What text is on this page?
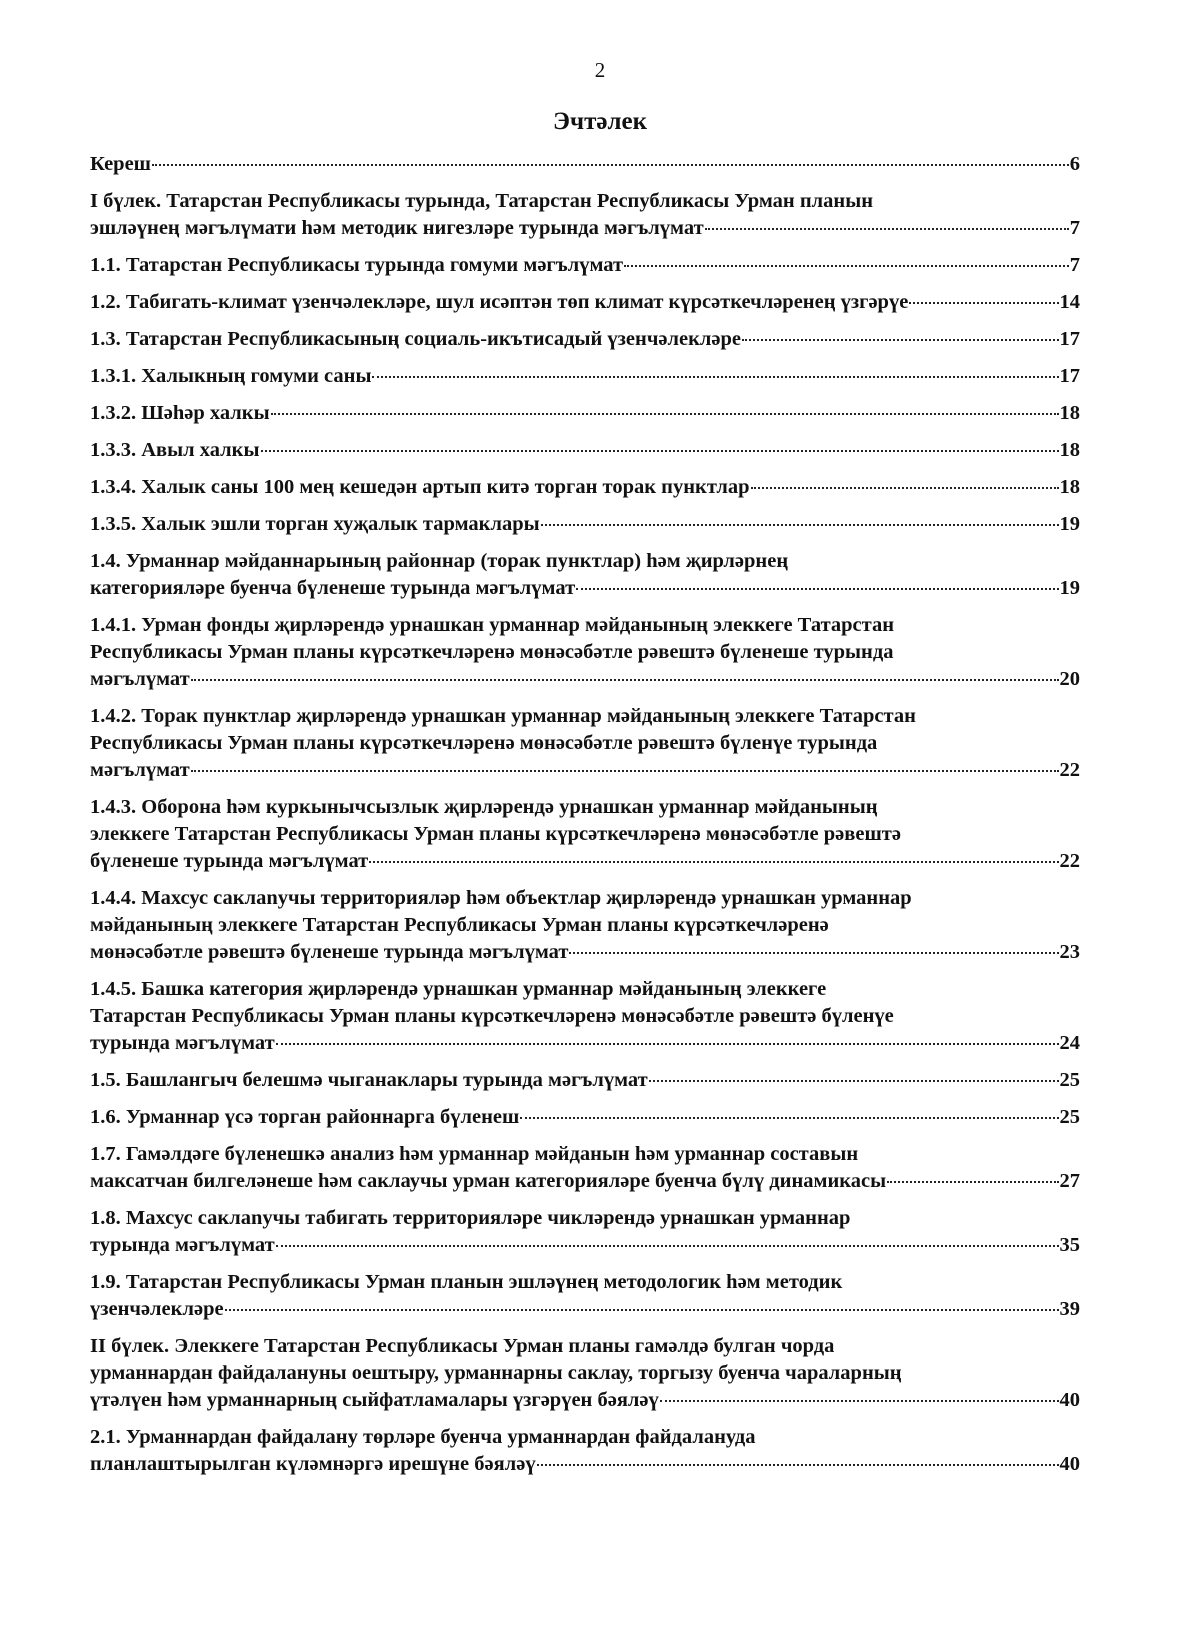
2
Эчтәлек
Кереш	6
I бүлек. Татарстан Республикасы турында, Татарстан Республикасы Урман планын
эшләүнең мәгълүмати һәм методик нигезләре турында мәгълүмат	7
1.1. Татарстан Республикасы турында гомуми мәгълүмат	7
1.2. Табигать-климат үзенчәлекләре, шул исәптән төп климат күрсәткечләренең үзгәрүе	14
1.3. Татарстан Республикасының социаль-икътисадый үзенчәлекләре	17
1.3.1. Халыкның гомуми саны	17
1.3.2. Шәһәр халкы	18
1.3.3. Авыл халкы	18
1.3.4. Халык саны 100 мең кешедән артып китә торган торак пунктлар	18
1.3.5. Халык эшли торган хуҗалык тармаклары	19
1.4. Урманнар мәйданнарының районнар (торак пунктлар) һәм җирләрнең
категорияләре буенча бүленеше турында мәгълүмат	19
1.4.1. Урман фонды җирләрендә урнашкан урманнар мәйданының элеккеге Татарстан
Республикасы Урман планы күрсәткечләренә мөнәсәбәтле рәвештә бүленеше турында
мәгълүмат	20
1.4.2. Торак пунктлар җирләрендә урнашкан урманнар мәйданының элеккеге Татарстан
Республикасы Урман планы күрсәткечләренә мөнәсәбәтле рәвештә бүленүе турында
мәгълүмат	22
1.4.3. Оборона һәм куркынычсызлык җирләрендә урнашкан урманнар мәйданының
элеккеге Татарстан Республикасы Урман планы күрсәткечләренә мөнәсәбәтле рәвештә
бүленеше турында мәгълүмат	22
1.4.4. Махсус саклanучы территорияләр һәм объектлар җирләрендә урнашкан урманнар
мәйданының элеккеге Татарстан Республикасы Урман планы күрсәткечләренә
мөнәсәбәтле рәвештә бүленеше турында мәгълүмат	23
1.4.5. Башка категория җирләрендә урнашкан урманнар мәйданының элеккеге
Татарстан Республикасы Урман планы күрсәткечләренә мөнәсәбәтле рәвештә бүленүе
турында мәгълүмат	24
1.5. Башлангыч белешмә чыганаклары турында мәгълүмат	25
1.6. Урманнар үсә торган районнарга бүленеш	25
1.7. Гамәлдәге бүленешкә анализ һәм урманнар мәйданын һәм урманнар составын
максатчан билгеләнеше һәм саклаучы урман категорияләре буенча бүлү динамикасы	27
1.8. Махсус саклanучы табигать территорияләре чикләрендә урнашкан урманнар
турында мәгълүмат	35
1.9. Татарстан Республикасы Урман планын эшләүнең методологик һәм методик
үзенчәлекләре	39
II бүлек. Элеккеге Татарстан Республикасы Урман планы гамәлдә булган чорда
урманнардан файдалануны оештыру, урманнарны саклау, торгызу буенча чараларның
үтәлүен һәм урманнарның сыйфатламалары үзгәрүен бәяләү	40
2.1. Урманнардан файдалану төрләре буенча урманнардан файдалануда
планлаштырылган күләмнәргә ирешүне бәяләү	40
